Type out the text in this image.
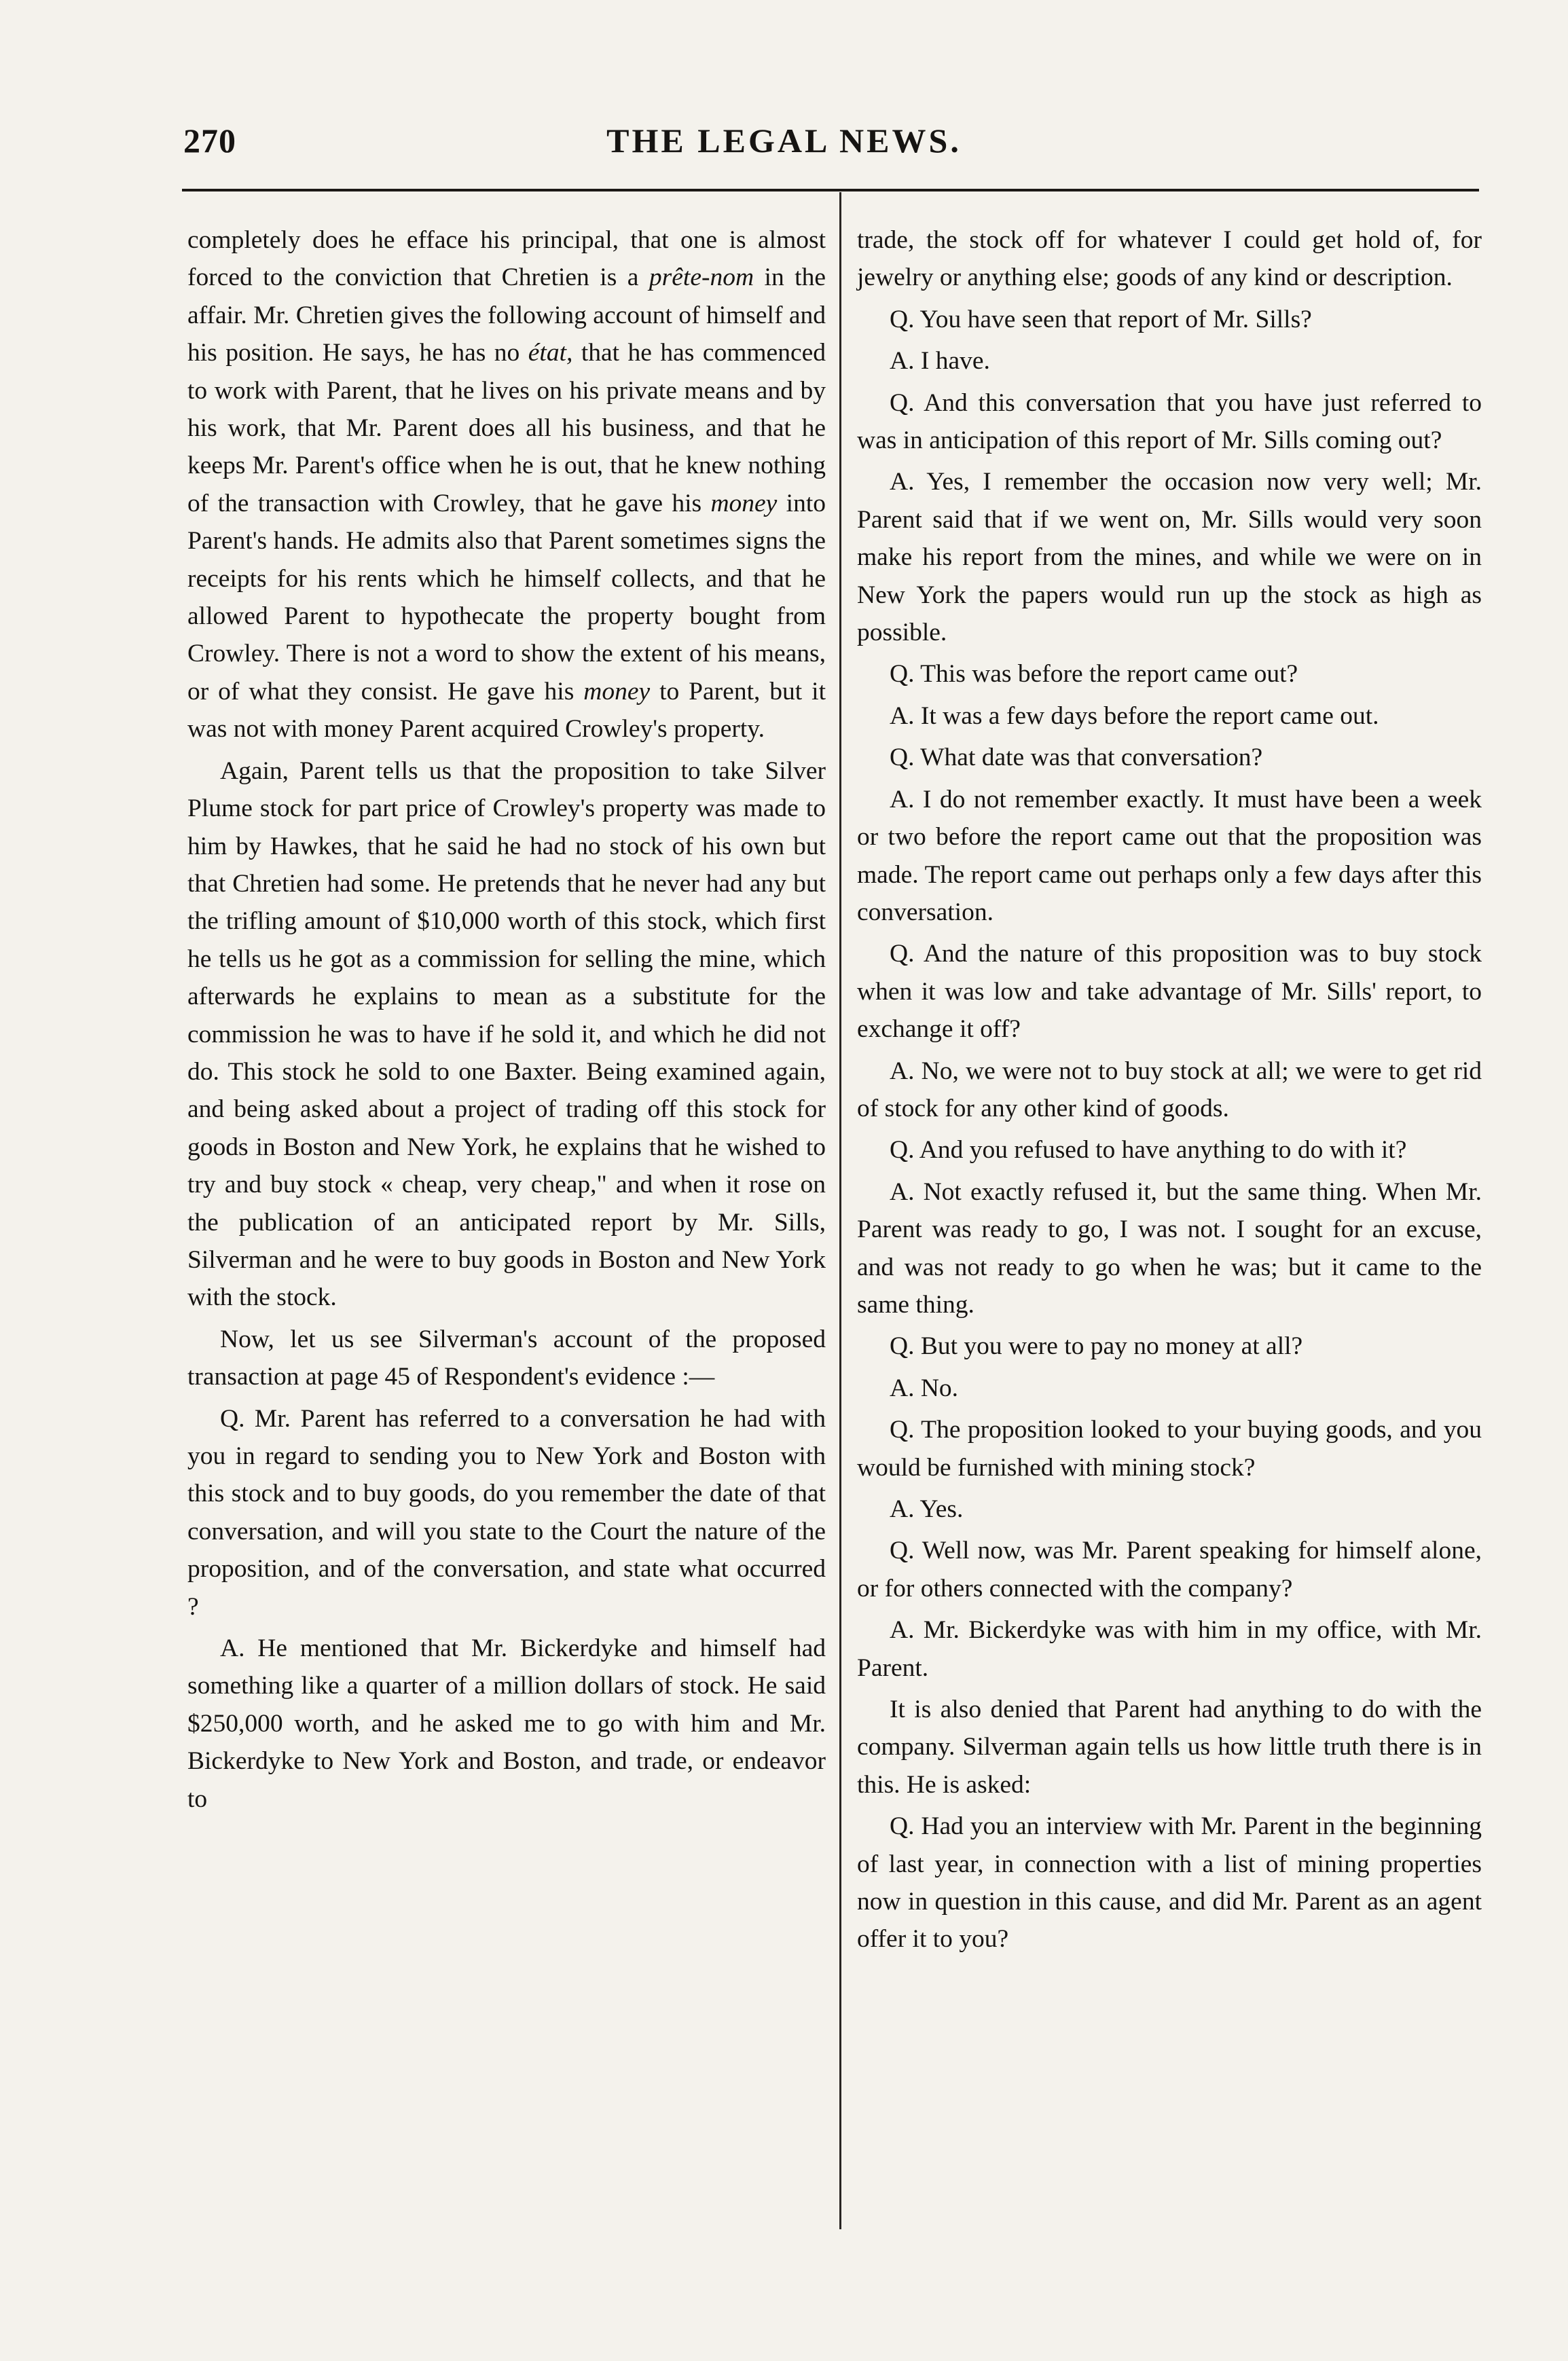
270	THE LEGAL NEWS.

completely does he efface his principal, that one is almost forced to the conviction that Chretien is a prête-nom in the affair. Mr. Chretien gives the following account of himself and his position. He says, he has no état, that he has commenced to work with Parent, that he lives on his private means and by his work, that Mr. Parent does all his business, and that he keeps Mr. Parent's office when he is out, that he knew nothing of the transaction with Crowley, that he gave his money into Parent's hands. He admits also that Parent sometimes signs the receipts for his rents which he himself collects, and that he allowed Parent to hypothecate the property bought from Crowley. There is not a word to show the extent of his means, or of what they consist. He gave his money to Parent, but it was not with money Parent acquired Crowley's property.

Again, Parent tells us that the proposition to take Silver Plume stock for part price of Crowley's property was made to him by Hawkes, that he said he had no stock of his own but that Chretien had some. He pretends that he never had any but the trifling amount of $10,000 worth of this stock, which first he tells us he got as a commission for selling the mine, which afterwards he explains to mean as a substitute for the commission he was to have if he sold it, and which he did not do. This stock he sold to one Baxter. Being examined again, and being asked about a project of trading off this stock for goods in Boston and New York, he explains that he wished to try and buy stock « cheap, very cheap," and when it rose on the publication of an anticipated report by Mr. Sills, Silverman and he were to buy goods in Boston and New York with the stock.

Now, let us see Silverman's account of the proposed transaction at page 45 of Respondent's evidence :—

Q. Mr. Parent has referred to a conversation he had with you in regard to sending you to New York and Boston with this stock and to buy goods, do you remember the date of that conversation, and will you state to the Court the nature of the proposition, and of the conversation, and state what occurred ?

A. He mentioned that Mr. Bickerdyke and himself had something like a quarter of a million dollars of stock. He said $250,000 worth, and he asked me to go with him and Mr. Bickerdyke to New York and Boston, and trade, or endeavor to

trade, the stock off for whatever I could get hold of, for jewelry or anything else; goods of any kind or description.

Q. You have seen that report of Mr. Sills?

A. I have.

Q. And this conversation that you have just referred to was in anticipation of this report of Mr. Sills coming out?

A. Yes, I remember the occasion now very well; Mr. Parent said that if we went on, Mr. Sills would very soon make his report from the mines, and while we were on in New York the papers would run up the stock as high as possible.

Q. This was before the report came out?

A. It was a few days before the report came out.

Q. What date was that conversation?

A. I do not remember exactly. It must have been a week or two before the report came out that the proposition was made. The report came out perhaps only a few days after this conversation.

Q. And the nature of this proposition was to buy stock when it was low and take advantage of Mr. Sills' report, to exchange it off?

A. No, we were not to buy stock at all; we were to get rid of stock for any other kind of goods.

Q. And you refused to have anything to do with it?

A. Not exactly refused it, but the same thing. When Mr. Parent was ready to go, I was not. I sought for an excuse, and was not ready to go when he was; but it came to the same thing.

Q. But you were to pay no money at all?

A. No.

Q. The proposition looked to your buying goods, and you would be furnished with mining stock?

A. Yes.

Q. Well now, was Mr. Parent speaking for himself alone, or for others connected with the company?

A. Mr. Bickerdyke was with him in my office, with Mr. Parent.

It is also denied that Parent had anything to do with the company. Silverman again tells us how little truth there is in this. He is asked:

Q. Had you an interview with Mr. Parent in the beginning of last year, in connection with a list of mining properties now in question in this cause, and did Mr. Parent as an agent offer it to you?
